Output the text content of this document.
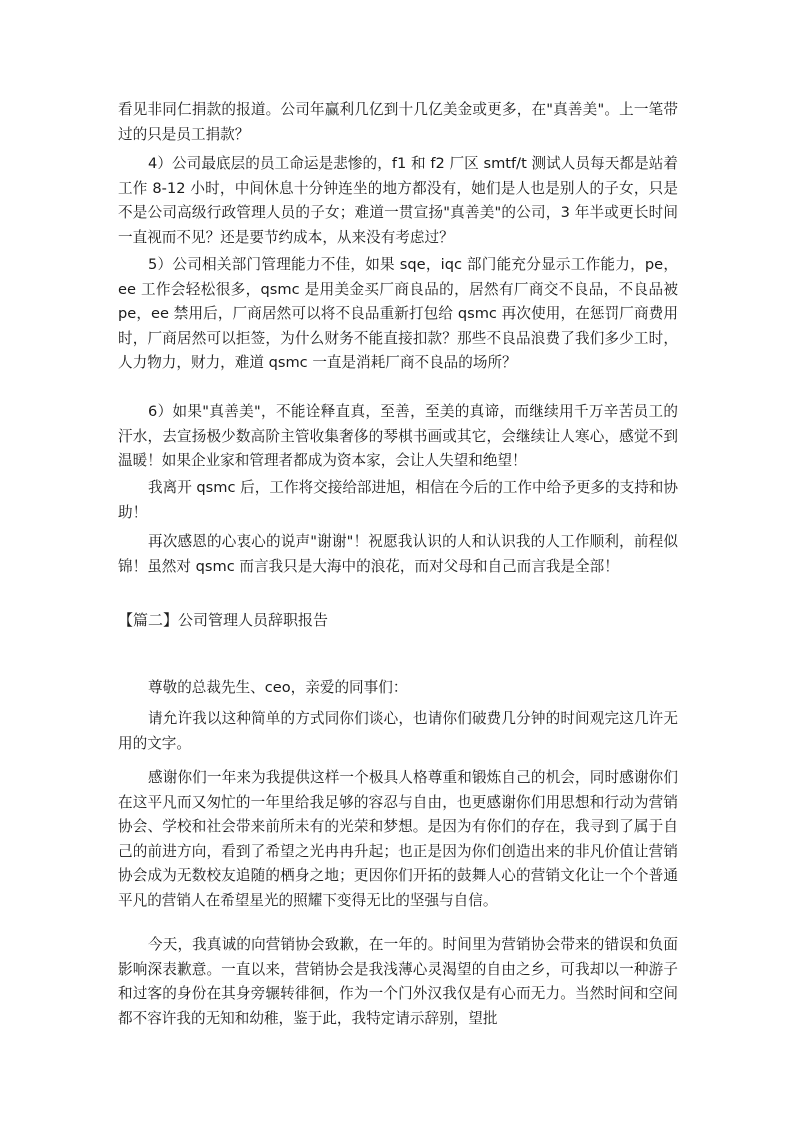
看见非同仁捐款的报道。公司年赢利几亿到十几亿美金或更多，在"真善美"。上一笔带过的只是员工捐款？

4）公司最底层的员工命运是悲惨的，f1 和 f2 厂区 smtf/t 测试人员每天都是站着工作 8-12 小时，中间休息十分钟连坐的地方都没有，她们是人也是别人的子女，只是不是公司高级行政管理人员的子女；难道一贯宣扬"真善美"的公司，3 年半或更长时间一直视而不见？还是要节约成本，从来没有考虑过？

5）公司相关部门管理能力不佳，如果 sqe，iqc 部门能充分显示工作能力，pe，ee 工作会轻松很多，qsmc 是用美金买厂商良品的，居然有厂商交不良品，不良品被 pe，ee 禁用后，厂商居然可以将不良品重新打包给 qsmc 再次使用，在惩罚厂商费用时，厂商居然可以拒签，为什么财务不能直接扣款？那些不良品浪费了我们多少工时，人力物力，财力，难道 qsmc 一直是消耗厂商不良品的场所？

6）如果"真善美"，不能诠释直真，至善，至美的真谛，而继续用千万辛苦员工的汗水，去宣扬极少数高阶主管收集奢侈的琴棋书画或其它，会继续让人寒心，感觉不到温暖！如果企业家和管理者都成为资本家，会让人失望和绝望！

我离开 qsmc 后，工作将交接给部进旭，相信在今后的工作中给予更多的支持和协助！

再次感恩的心衷心的说声"谢谢"！祝愿我认识的人和认识我的人工作顺利，前程似锦！虽然对 qsmc 而言我只是大海中的浪花，而对父母和自己而言我是全部！

【篇二】公司管理人员辞职报告

尊敬的总裁先生、ceo，亲爱的同事们：

请允许我以这种简单的方式同你们谈心，也请你们破费几分钟的时间观完这几许无用的文字。

感谢你们一年来为我提供这样一个极具人格尊重和锻炼自己的机会，同时感谢你们在这平凡而又匆忙的一年里给我足够的容忍与自由，也更感谢你们用思想和行动为营销协会、学校和社会带来前所未有的光荣和梦想。是因为有你们的存在，我寻到了属于自己的前进方向，看到了希望之光冉冉升起；也正是因为你们创造出来的非凡价值让营销协会成为无数校友追随的栖身之地；更因你们开拓的鼓舞人心的营销文化让一个个普通平凡的营销人在希望星光的照耀下变得无比的坚强与自信。

今天，我真诚的向营销协会致歉，在一年的。时间里为营销协会带来的错误和负面影响深表歉意。一直以来，营销协会是我浅薄心灵渴望的自由之乡，可我却以一种游子和过客的身份在其身旁辗转徘徊，作为一个门外汉我仅是有心而无力。当然时间和空间都不容许我的无知和幼稚，鉴于此，我特定请示辞别，望批
